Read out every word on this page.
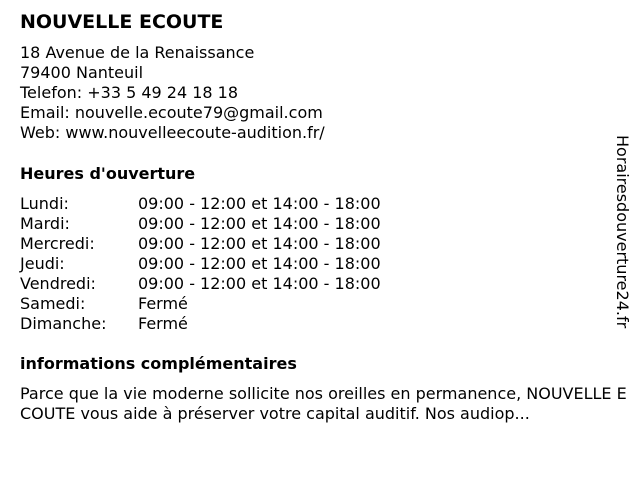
NOUVELLE ECOUTE
18 Avenue de la Renaissance
79400 Nanteuil
Telefon: +33 5 49 24 18 18
Email: nouvelle.ecoute79@gmail.com
Web: www.nouvelleecoute-audition.fr/
Heures d'ouverture
Lundi:	09:00 - 12:00 et 14:00 - 18:00
Mardi:	09:00 - 12:00 et 14:00 - 18:00
Mercredi:	09:00 - 12:00 et 14:00 - 18:00
Jeudi:	09:00 - 12:00 et 14:00 - 18:00
Vendredi:	09:00 - 12:00 et 14:00 - 18:00
Samedi:	Fermé
Dimanche:	Fermé
informations complémentaires
Parce que la vie moderne sollicite nos oreilles en permanence, NOUVELLE ECOUTE vous aide à préserver votre capital auditif. Nos audiop...
Horairesdouverture24.fr
